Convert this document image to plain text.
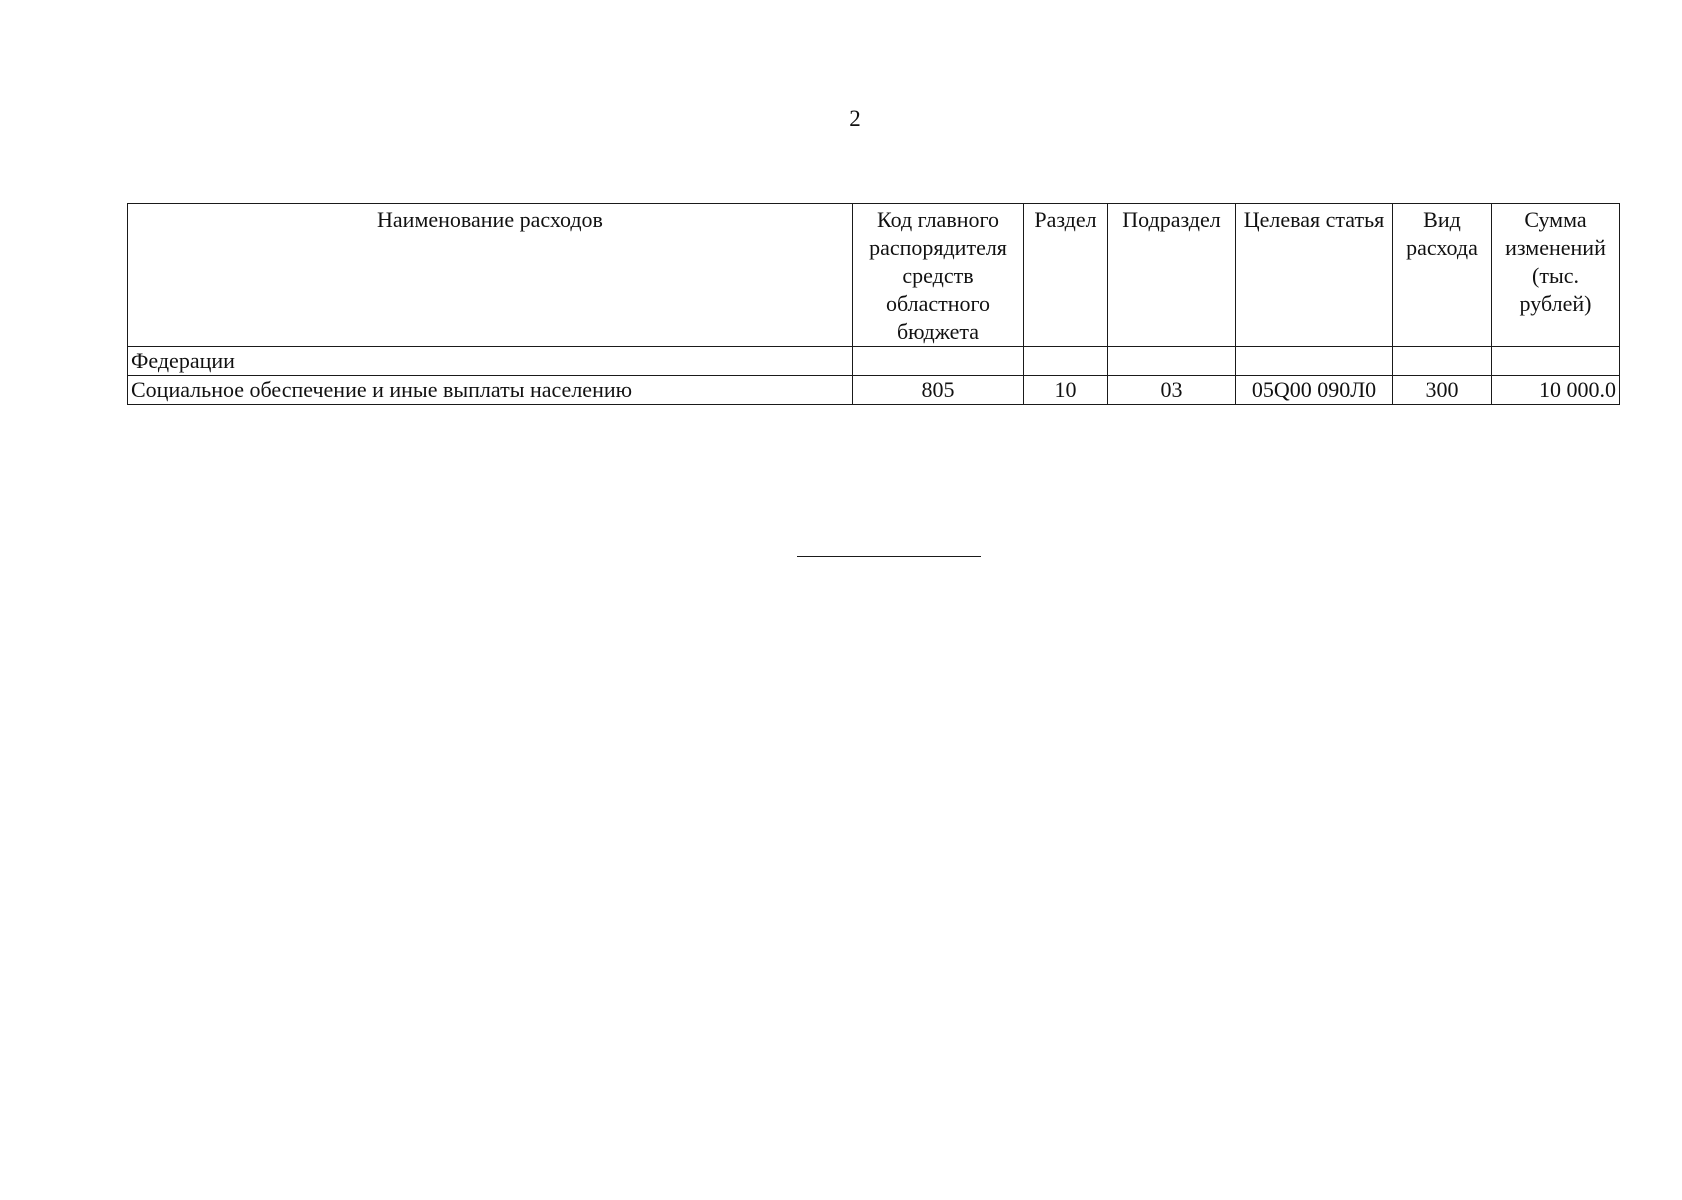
2
Наименование расходов	Код главного распорядителя средств областного бюджета	Раздел	Подраздел	Целевая статья	Вид расхода	Сумма изменений (тыс. рублей)
Федерации						
Социальное обеспечение и иные выплаты населению	805	10	03	05Q00 090Л0	300	10 000.0
